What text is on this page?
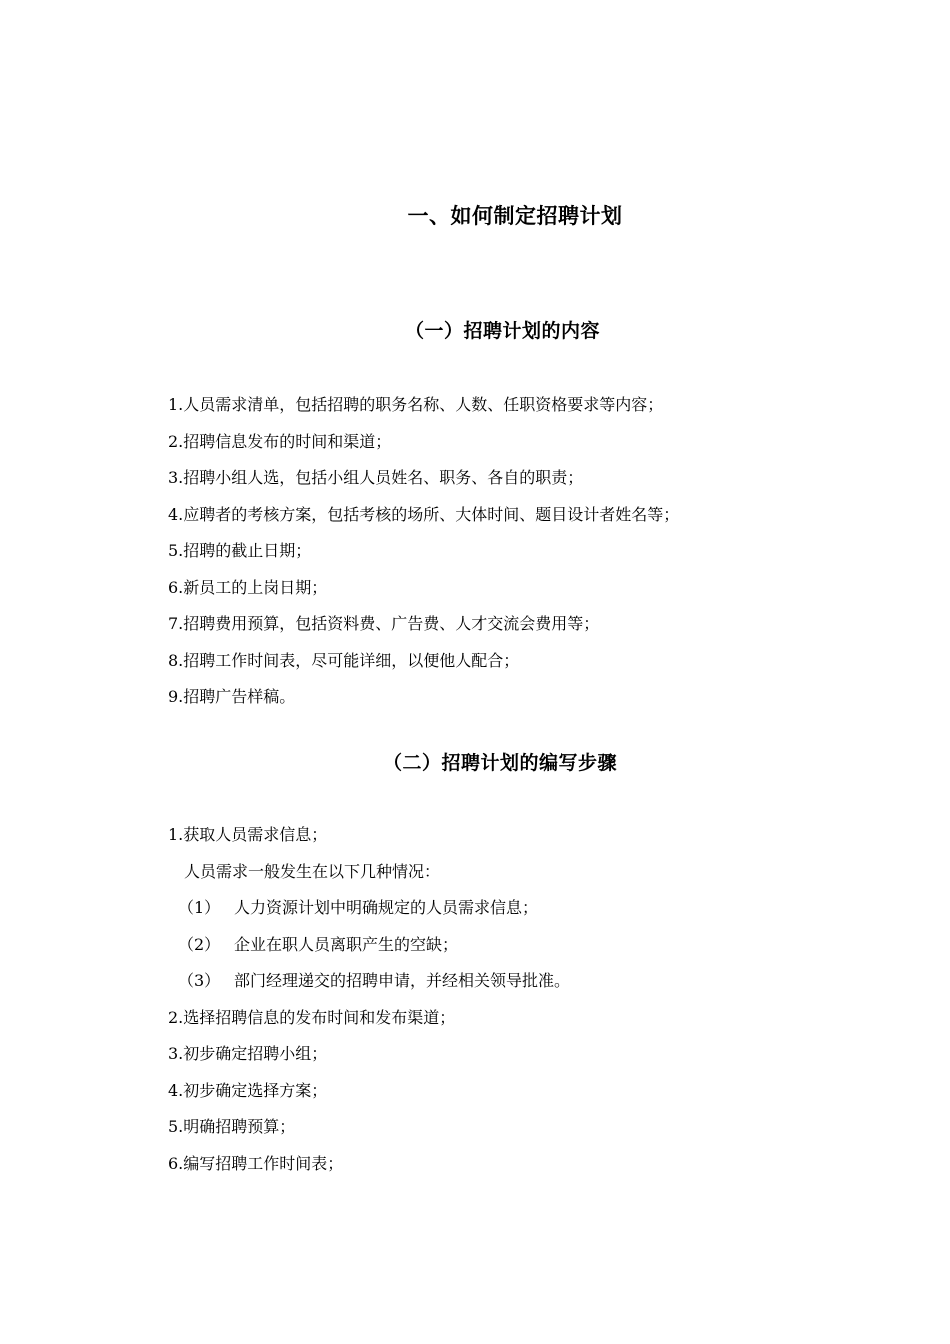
一、如何制定招聘计划
（一）招聘计划的内容
1.人员需求清单，包括招聘的职务名称、人数、任职资格要求等内容；
2.招聘信息发布的时间和渠道；
3.招聘小组人选，包括小组人员姓名、职务、各自的职责；
4.应聘者的考核方案，包括考核的场所、大体时间、题目设计者姓名等；
5.招聘的截止日期；
6.新员工的上岗日期；
7.招聘费用预算，包括资料费、广告费、人才交流会费用等；
8.招聘工作时间表，尽可能详细，以便他人配合；
9.招聘广告样稿。
（二）招聘计划的编写步骤
1.获取人员需求信息；
人员需求一般发生在以下几种情况：
（1） 人力资源计划中明确规定的人员需求信息；
（2） 企业在职人员离职产生的空缺；
（3） 部门经理递交的招聘申请，并经相关领导批准。
2.选择招聘信息的发布时间和发布渠道；
3.初步确定招聘小组；
4.初步确定选择方案；
5.明确招聘预算；
6.编写招聘工作时间表；
